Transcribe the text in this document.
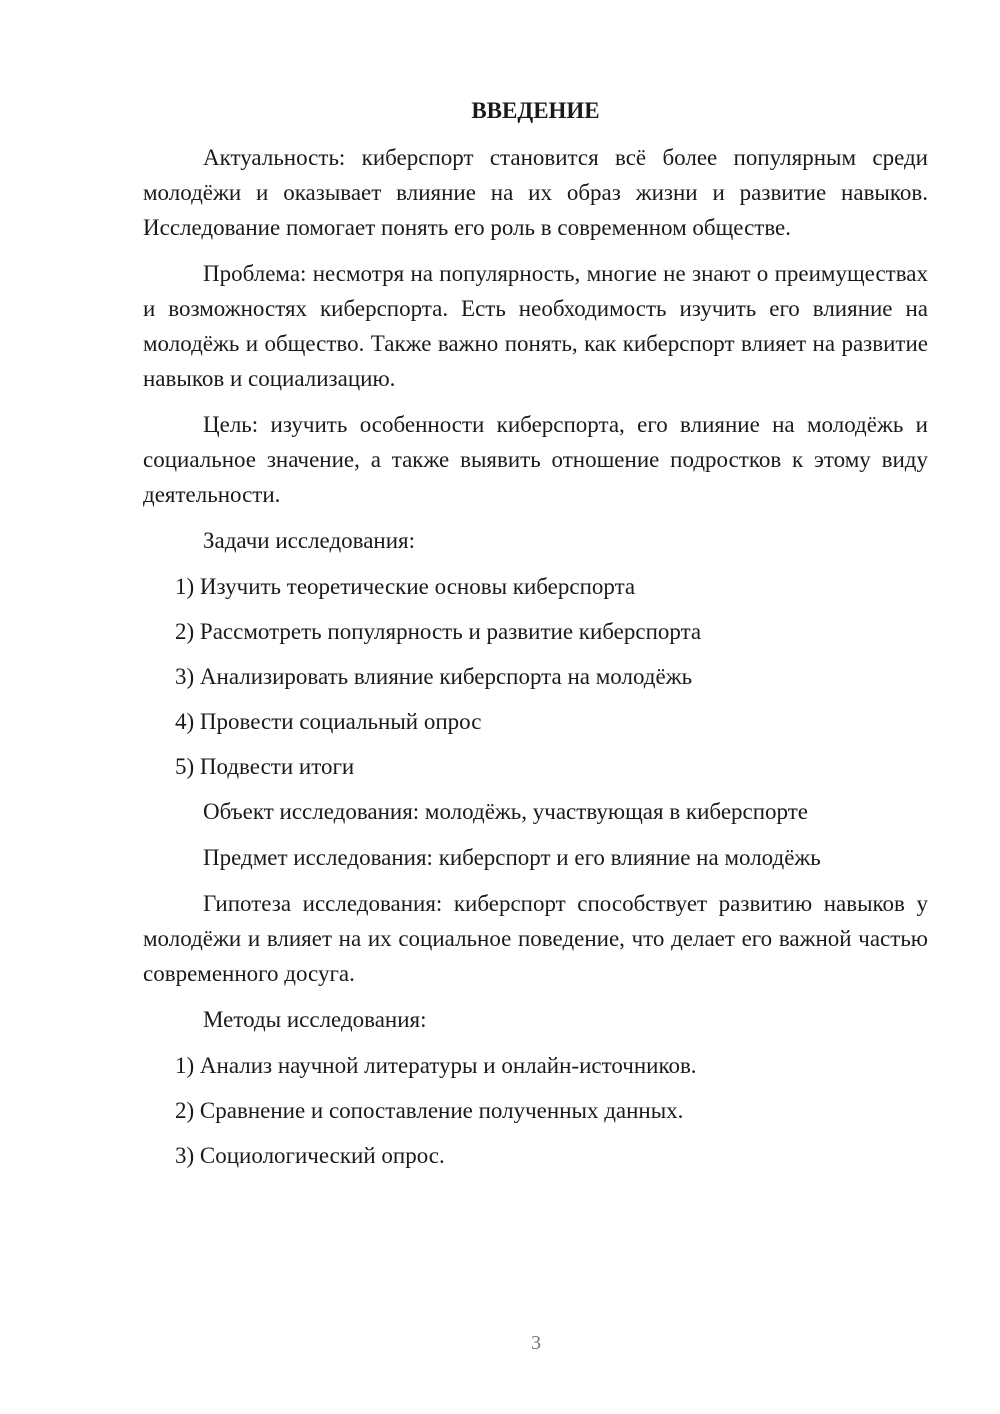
ВВЕДЕНИЕ
Актуальность: киберспорт становится всё более популярным среди молодёжи и оказывает влияние на их образ жизни и развитие навыков. Исследование помогает понять его роль в современном обществе.
Проблема: несмотря на популярность, многие не знают о преимуществах и возможностях киберспорта. Есть необходимость изучить его влияние на молодёжь и общество. Также важно понять, как киберспорт влияет на развитие навыков и социализацию.
Цель: изучить особенности киберспорта, его влияние на молодёжь и социальное значение, а также выявить отношение подростков к этому виду деятельности.
Задачи исследования:
1) Изучить теоретические основы киберспорта
2) Рассмотреть популярность и развитие киберспорта
3) Анализировать влияние киберспорта на молодёжь
4) Провести социальный опрос
5) Подвести итоги
Объект исследования: молодёжь, участвующая в киберспорте
Предмет исследования: киберспорт и его влияние на молодёжь
Гипотеза исследования: киберспорт способствует развитию навыков у молодёжи и влияет на их социальное поведение, что делает его важной частью современного досуга.
Методы исследования:
1) Анализ научной литературы и онлайн-источников.
2) Сравнение и сопоставление полученных данных.
3) Социологический опрос.
3
